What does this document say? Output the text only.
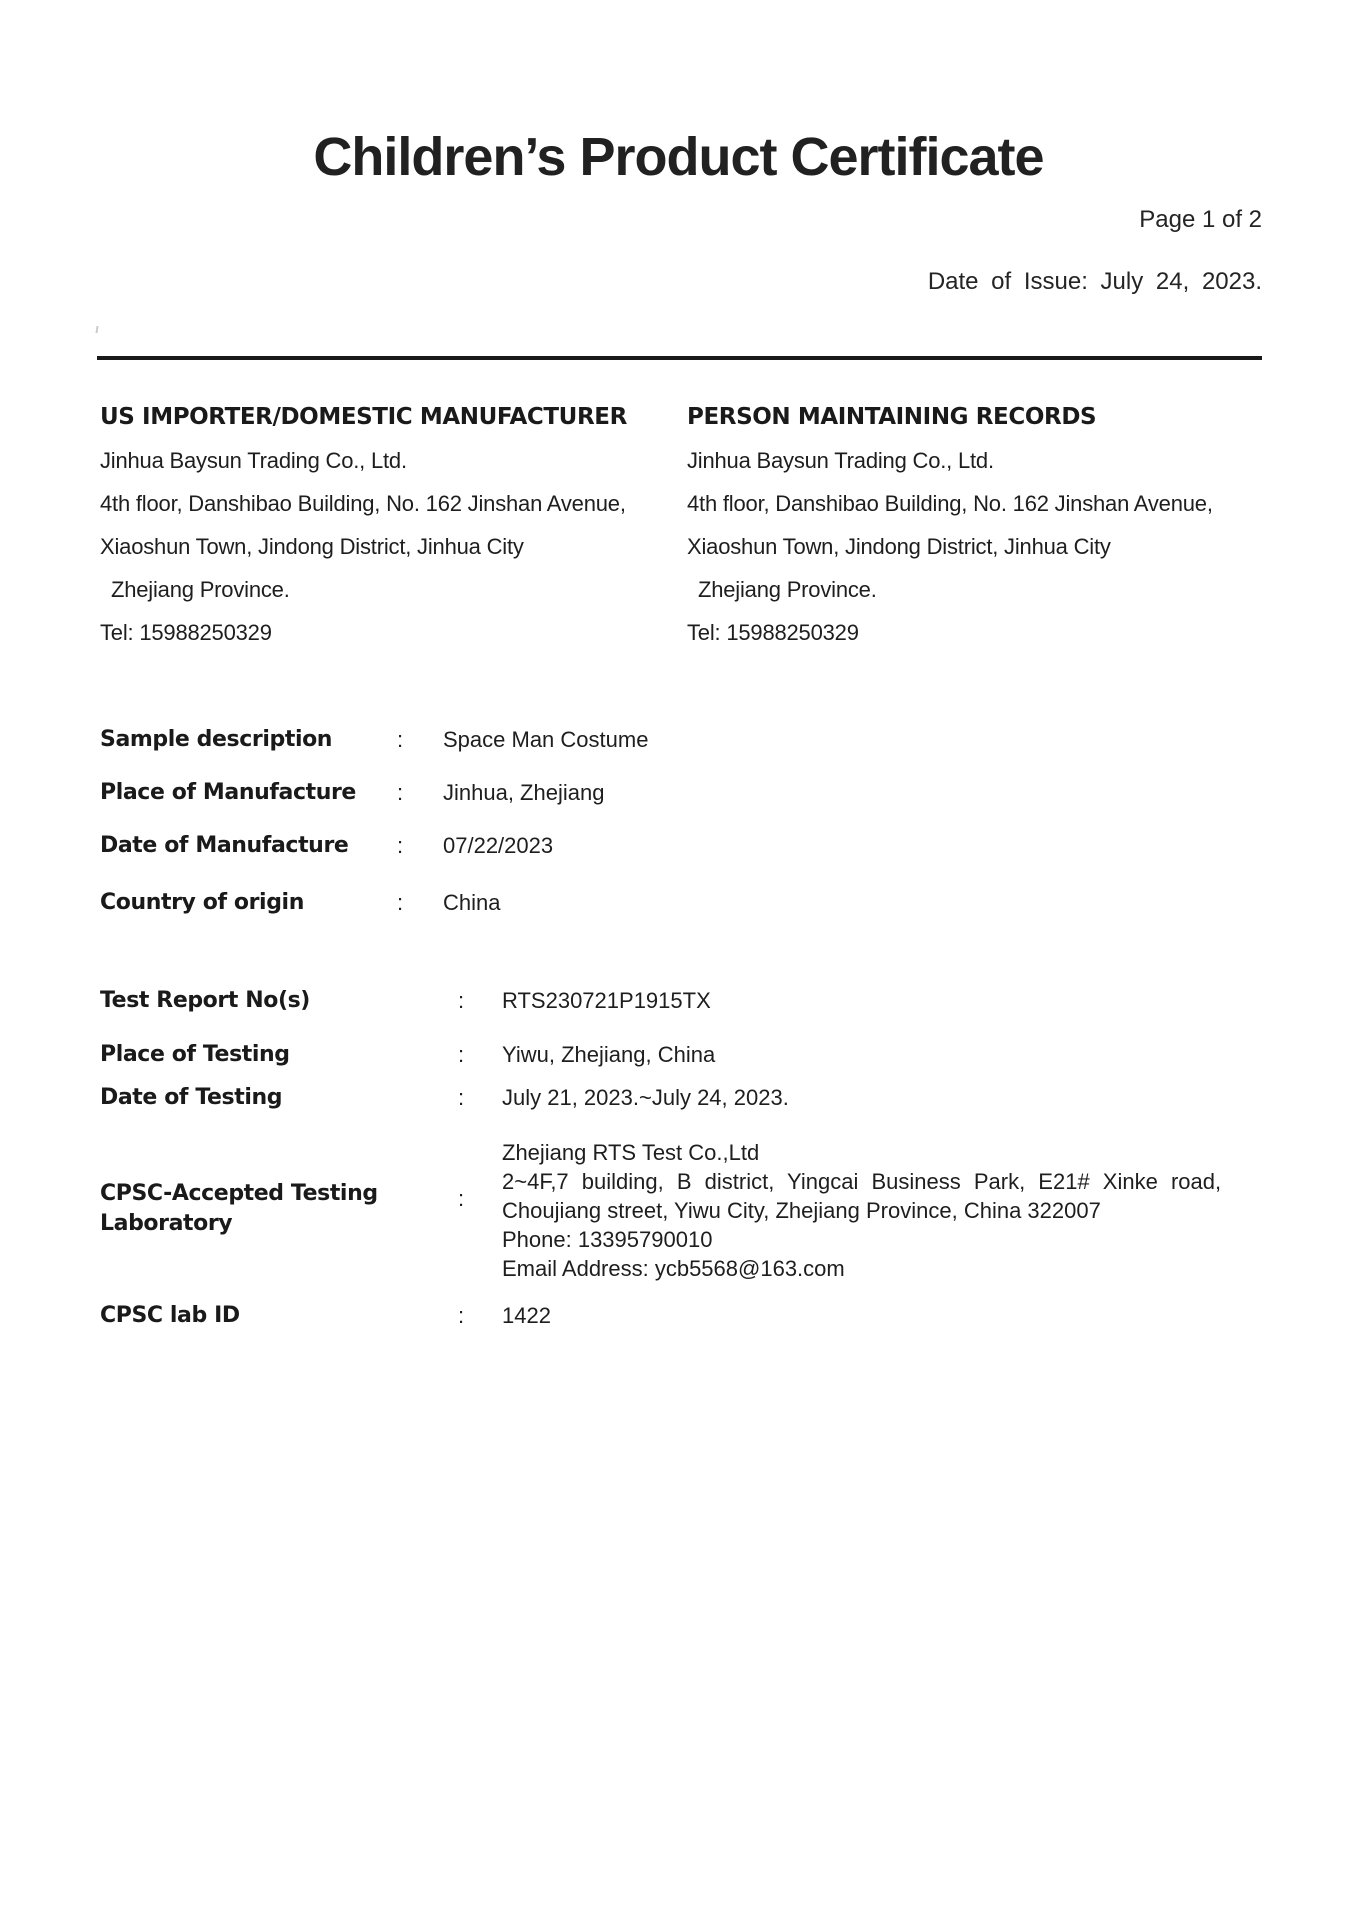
Children’s Product Certificate
Page 1 of 2
Date of Issue: July 24, 2023.
US IMPORTER/DOMESTIC MANUFACTURER
Jinhua Baysun Trading Co., Ltd.
4th floor, Danshibao Building, No. 162 Jinshan Avenue,
Xiaoshun Town, Jindong District, Jinhua City
Zhejiang Province.
Tel: 15988250329
PERSON MAINTAINING RECORDS
Jinhua Baysun Trading Co., Ltd.
4th floor, Danshibao Building, No. 162 Jinshan Avenue,
Xiaoshun Town, Jindong District, Jinhua City
Zhejiang Province.
Tel: 15988250329
Sample description	: Space Man Costume
Place of Manufacture : Jinhua, Zhejiang
Date of Manufacture : 07/22/2023
Country of origin	: China
Test Report No(s)	: RTS230721P1915TX
Place of Testing	: Yiwu, Zhejiang, China
Date of Testing	: July 21, 2023.~July 24, 2023.
CPSC-Accepted Testing
Laboratory
:
Zhejiang RTS Test Co.,Ltd
2~4F,7 building, B district, Yingcai Business Park, E21# Xinke road,
Choujiang street, Yiwu City, Zhejiang Province, China 322007
Phone: 13395790010
Email Address: ycb5568@163.com
CPSC lab ID	: 1422
